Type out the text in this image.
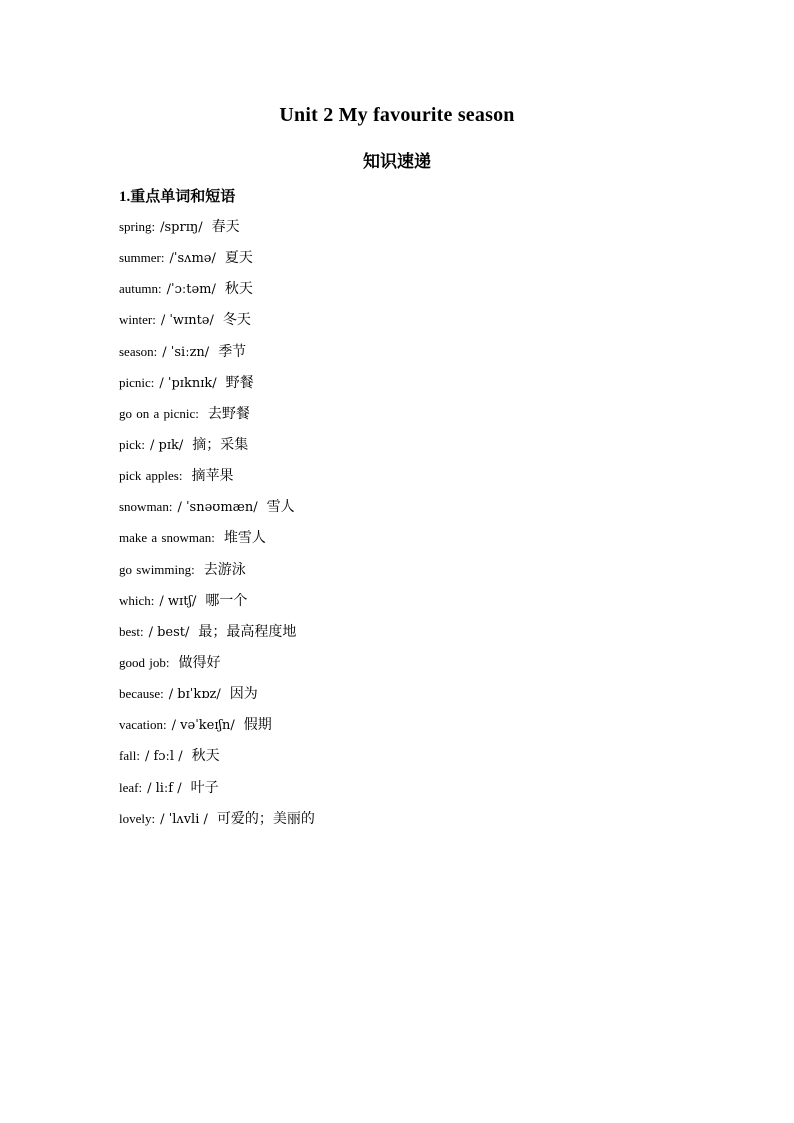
Unit 2 My favourite season
知识速递
1.重点单词和短语
spring: /sprɪŋ/ 春天
summer: /ˈsʌmə/ 夏天
autumn: /ˈɔːtəm/ 秋天
winter: / ˈwɪntə/ 冬天
season: / ˈsiːzn/ 季节
picnic: / ˈpɪknɪk/ 野餐
go on a picnic: 去野餐
pick: / pɪk/ 摘；采集
pick apples: 摘苹果
snowman: / ˈsnəʊmæn/ 雪人
make a snowman: 堆雪人
go swimming: 去游泳
which: / wɪtʃ/ 哪一个
best: / best/ 最；最高程度地
good job: 做得好
because: / bɪˈkɒz/ 因为
vacation: / vəˈkeɪʃn/ 假期
fall: / fɔːl / 秋天
leaf: / liːf / 叶子
lovely: / ˈlʌvli / 可爱的；美丽的
